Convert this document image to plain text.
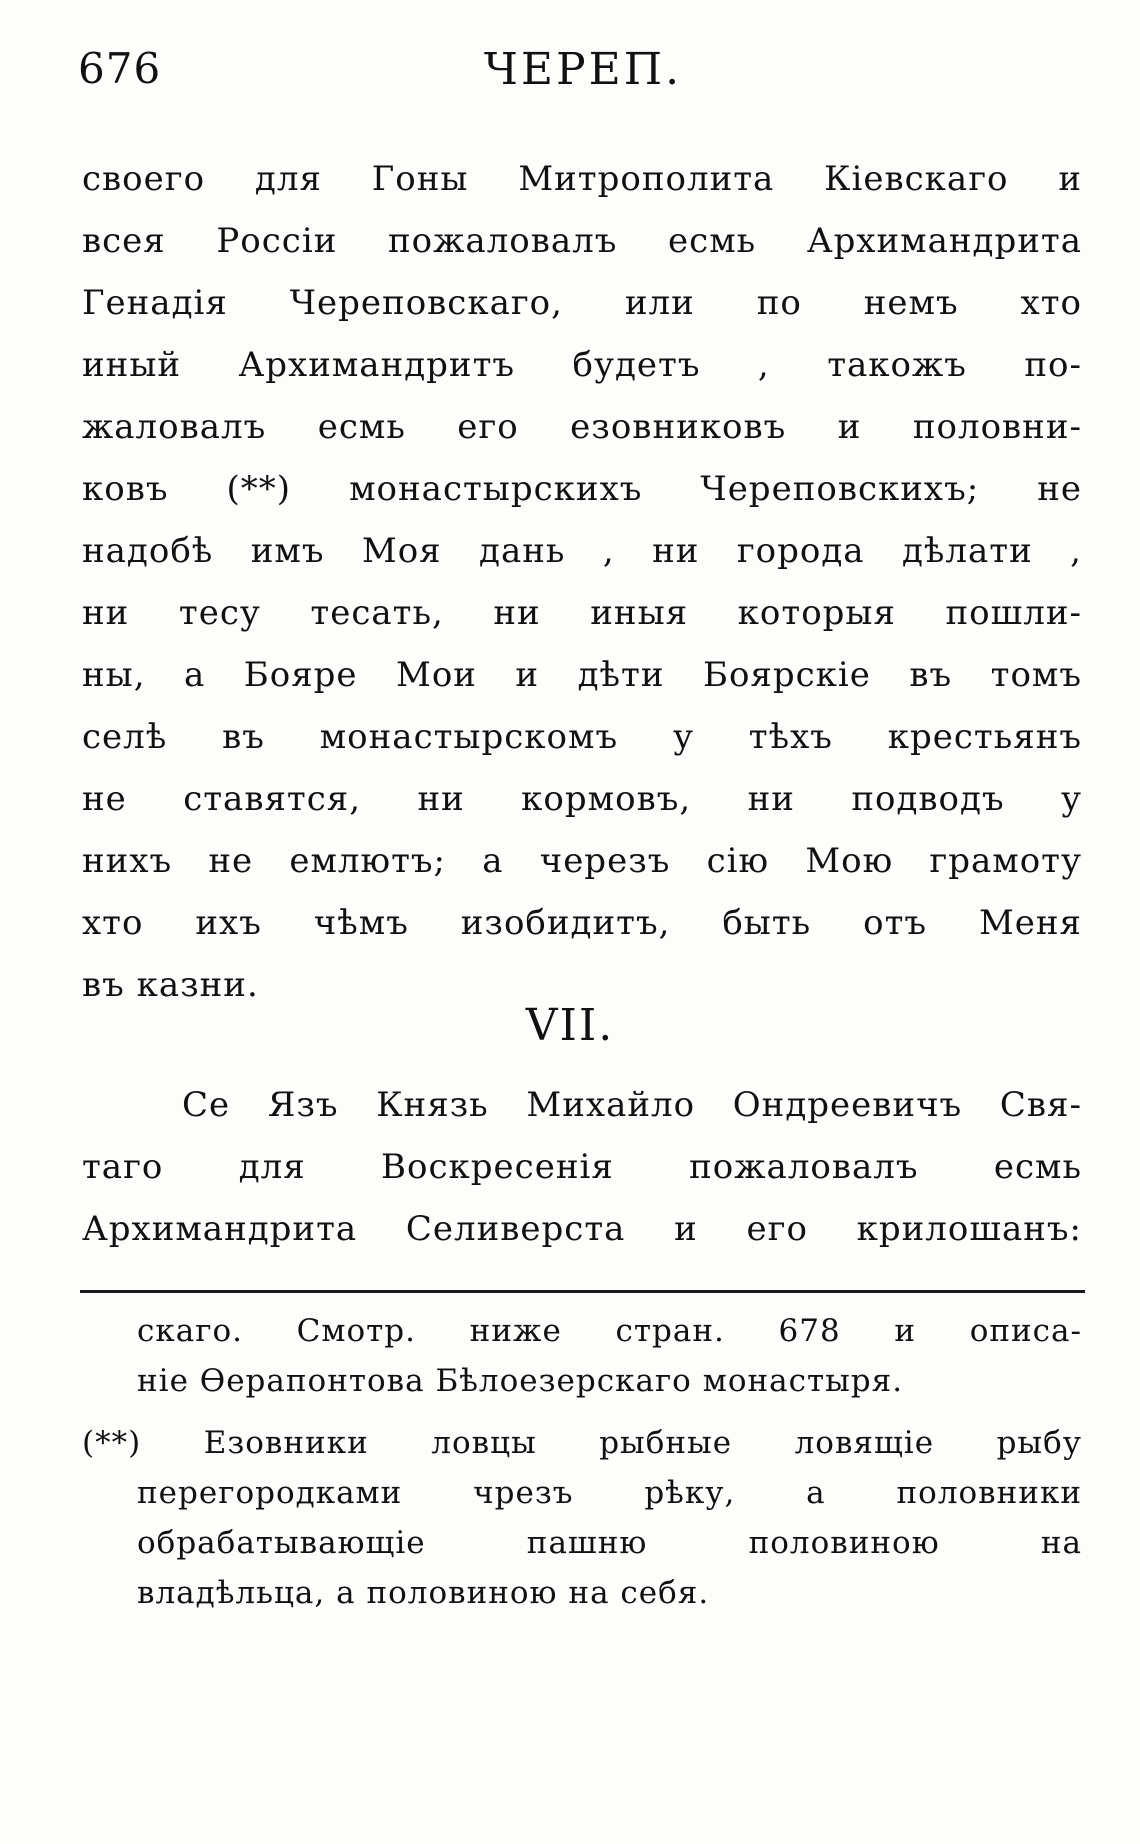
ЧЕРЕП.
676
своего для Гоны Митрополита Кіевскаго и
всея Россіи пожаловалъ есмь Архимандрита
Генадія Череповскаго, или по немъ хто
иный Архимандритъ будетъ , такожъ по-
жаловалъ есмь его езовниковъ и половни-
ковъ (**) монастырскихъ Череповскихъ; не
надобѣ имъ Моя дань , ни города дѣлати ,
ни тесу тесать, ни иныя которыя пошли-
ны, а Бояре Мои и дѣти Боярскіе въ томъ
селѣ въ монастырскомъ у тѣхъ крестьянъ
не ставятся, ни кормовъ, ни подводъ у
нихъ не емлютъ; а черезъ сію Мою грамоту
хто ихъ чѣмъ изобидитъ, быть отъ Меня
въ казни.
VII.
Се Язъ Князь Михайло Ондреевичъ Свя-
таго для Воскресенія пожаловалъ есмь
Архимандрита Селиверста и его крилошанъ:
скаго. Смотр. ниже стран. 678 и описа-
ніе Ѳерапонтова Бѣлоезерскаго монастыря.
(**) Езовники ловцы рыбные ловящіе рыбу
перегородками чрезъ рѣку, а половники
обрабатывающіе пашню половиною на
владѣльца, а половиною на себя.
